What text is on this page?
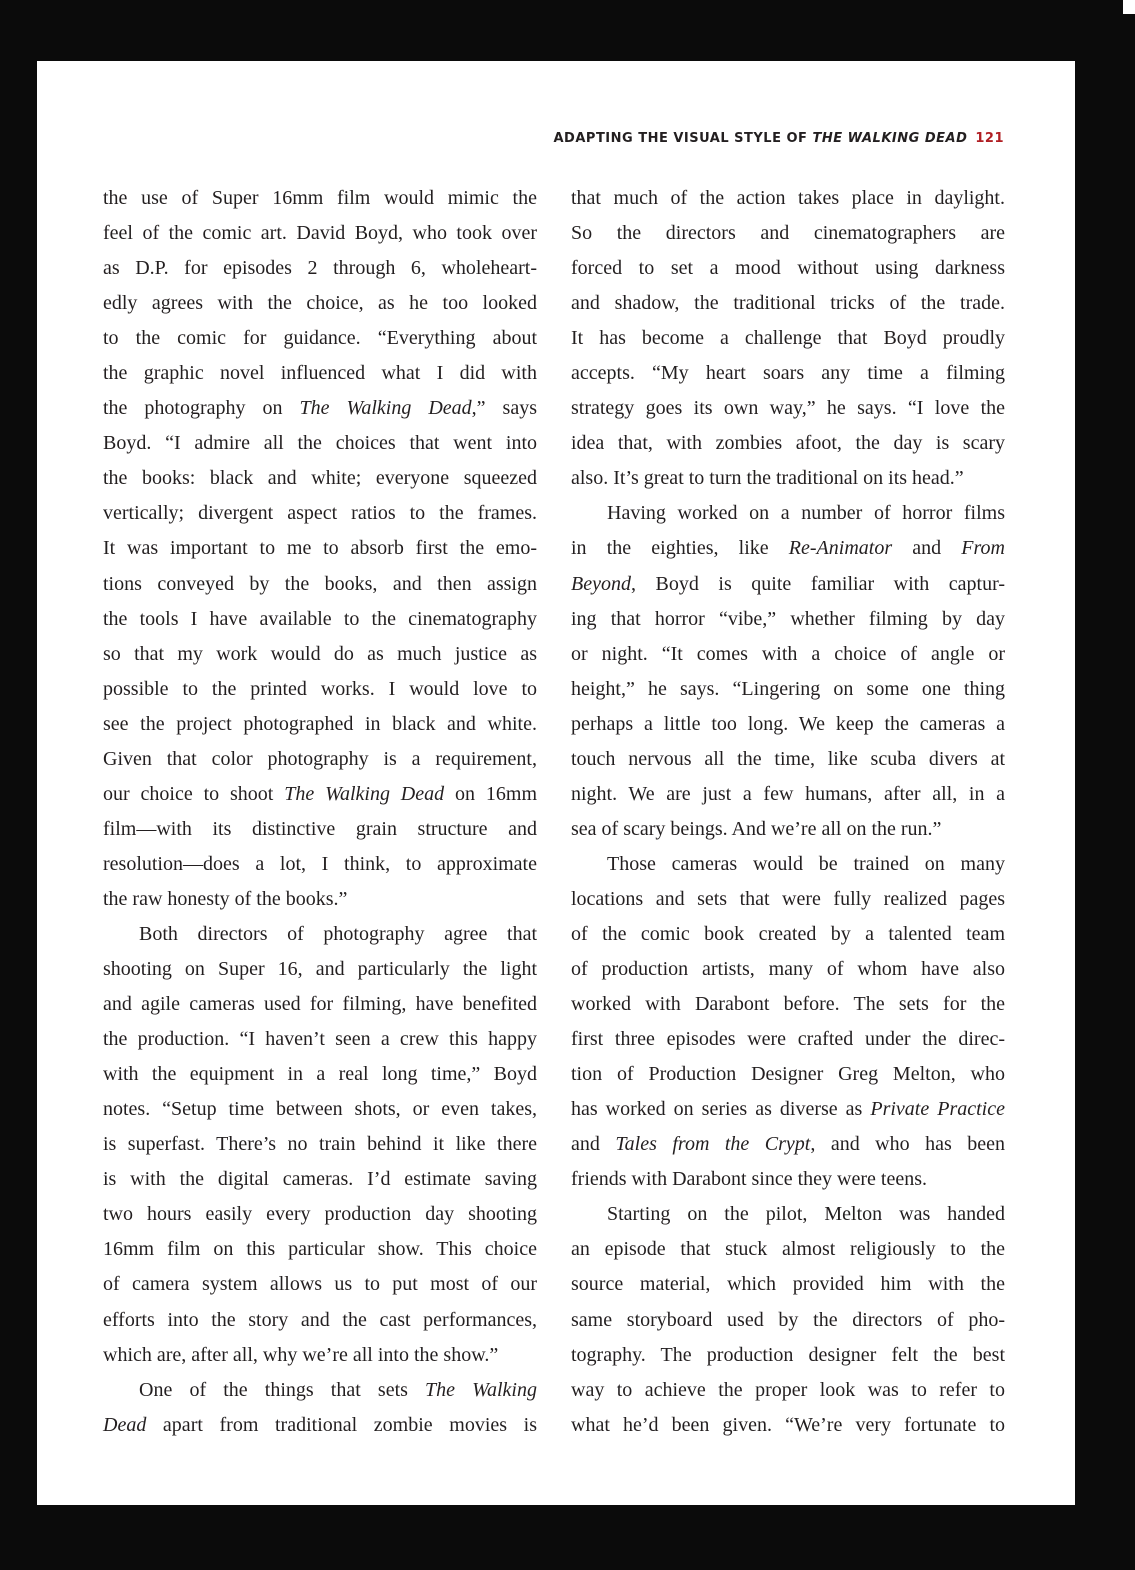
ADAPTING THE VISUAL STYLE OF THE WALKING DEAD 121
the use of Super 16mm film would mimic the
feel of the comic art. David Boyd, who took over
as D.P. for episodes 2 through 6, wholeheart-
edly agrees with the choice, as he too looked
to the comic for guidance. “Everything about
the graphic novel influenced what I did with
the photography on The Walking Dead,” says
Boyd. “I admire all the choices that went into
the books: black and white; everyone squeezed
vertically; divergent aspect ratios to the frames.
It was important to me to absorb first the emo-
tions conveyed by the books, and then assign
the tools I have available to the cinematography
so that my work would do as much justice as
possible to the printed works. I would love to
see the project photographed in black and white.
Given that color photography is a requirement,
our choice to shoot The Walking Dead on 16mm
film—with its distinctive grain structure and
resolution—does a lot, I think, to approximate
the raw honesty of the books.”
Both directors of photography agree that
shooting on Super 16, and particularly the light
and agile cameras used for filming, have benefited
the production. “I haven’t seen a crew this happy
with the equipment in a real long time,” Boyd
notes. “Setup time between shots, or even takes,
is superfast. There’s no train behind it like there
is with the digital cameras. I’d estimate saving
two hours easily every production day shooting
16mm film on this particular show. This choice
of camera system allows us to put most of our
efforts into the story and the cast performances,
which are, after all, why we’re all into the show.”
One of the things that sets The Walking
Dead apart from traditional zombie movies is
that much of the action takes place in daylight.
So the directors and cinematographers are
forced to set a mood without using darkness
and shadow, the traditional tricks of the trade.
It has become a challenge that Boyd proudly
accepts. “My heart soars any time a filming
strategy goes its own way,” he says. “I love the
idea that, with zombies afoot, the day is scary
also. It’s great to turn the traditional on its head.”
Having worked on a number of horror films
in the eighties, like Re-Animator and From
Beyond, Boyd is quite familiar with captur-
ing that horror “vibe,” whether filming by day
or night. “It comes with a choice of angle or
height,” he says. “Lingering on some one thing
perhaps a little too long. We keep the cameras a
touch nervous all the time, like scuba divers at
night. We are just a few humans, after all, in a
sea of scary beings. And we’re all on the run.”
Those cameras would be trained on many
locations and sets that were fully realized pages
of the comic book created by a talented team
of production artists, many of whom have also
worked with Darabont before. The sets for the
first three episodes were crafted under the direc-
tion of Production Designer Greg Melton, who
has worked on series as diverse as Private Practice
and Tales from the Crypt, and who has been
friends with Darabont since they were teens.
Starting on the pilot, Melton was handed
an episode that stuck almost religiously to the
source material, which provided him with the
same storyboard used by the directors of pho-
tography. The production designer felt the best
way to achieve the proper look was to refer to
what he’d been given. “We’re very fortunate to
